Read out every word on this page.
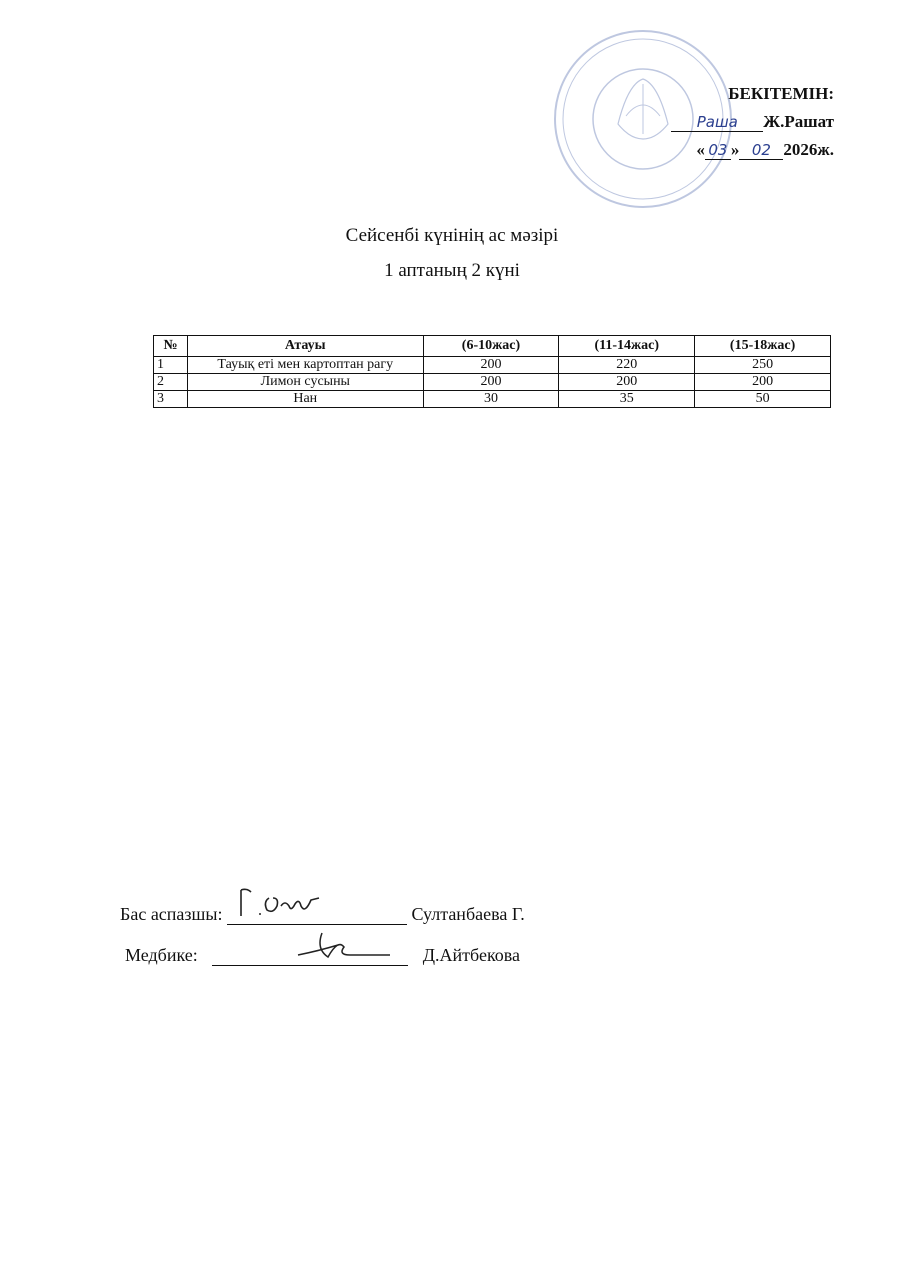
БЕКІТЕМІН:
Раша Ж.Рашат
« 03 » 02 2026ж.
Сейсенбі күнінің ас мәзірі
1 аптаның 2 күні
№	Атауы	(6-10жас)	(11-14жас)	(15-18жас)
1	Тауық еті мен картоптан рагу	200	220	250
2	Лимон сусыны	200	200	200
3	Нан	30	35	50
Бас аспазшы:	Султанбаева Г.
Медбике:	Д.Айтбекова
